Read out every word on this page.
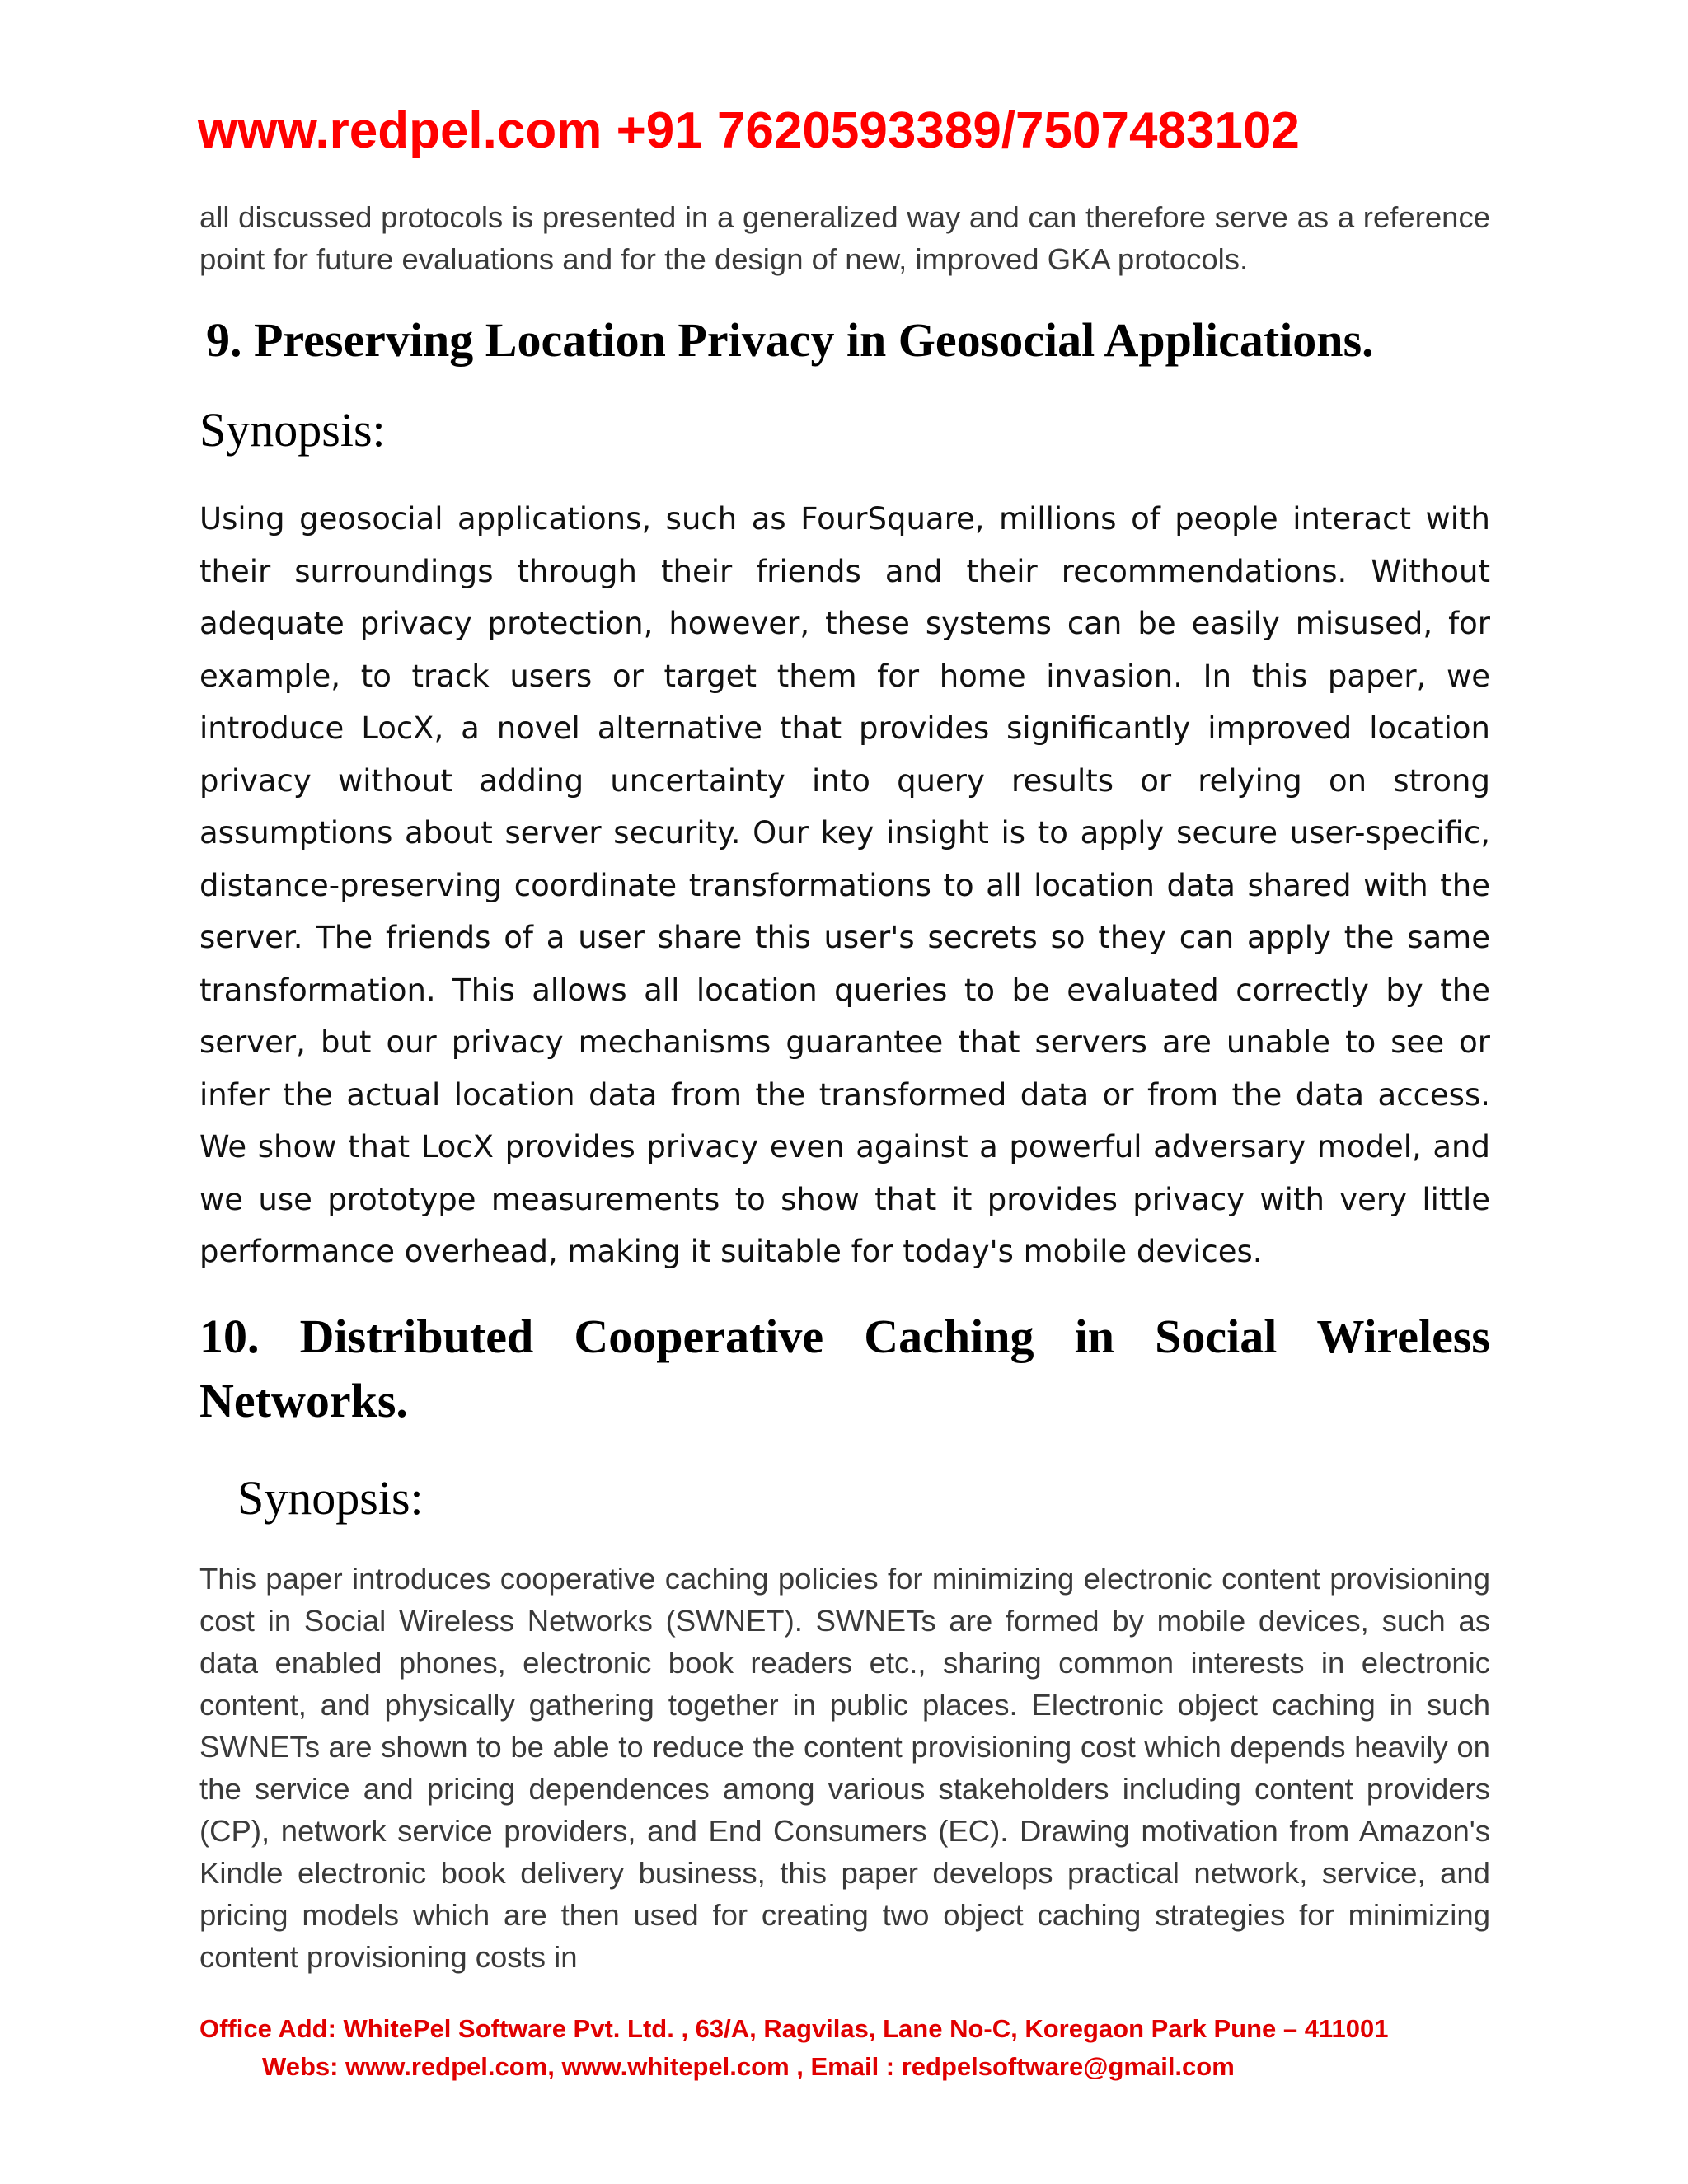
www.redpel.com +91 7620593389/7507483102

all discussed protocols is presented in a generalized way and can therefore serve as a reference point for future evaluations and for the design of new, improved GKA protocols.

9. Preserving Location Privacy in Geosocial Applications.
Synopsis:

Using geosocial applications, such as FourSquare, millions of people interact with their surroundings through their friends and their recommendations. Without adequate privacy protection, however, these systems can be easily misused, for example, to track users or target them for home invasion. In this paper, we introduce LocX, a novel alternative that provides significantly improved location privacy without adding uncertainty into query results or relying on strong assumptions about server security. Our key insight is to apply secure user-specific, distance-preserving coordinate transformations to all location data shared with the server. The friends of a user share this user's secrets so they can apply the same transformation. This allows all location queries to be evaluated correctly by the server, but our privacy mechanisms guarantee that servers are unable to see or infer the actual location data from the transformed data or from the data access. We show that LocX provides privacy even against a powerful adversary model, and we use prototype measurements to show that it provides privacy with very little performance overhead, making it suitable for today's mobile devices.

10. Distributed Cooperative Caching in Social Wireless Networks.
Synopsis:

This paper introduces cooperative caching policies for minimizing electronic content provisioning cost in Social Wireless Networks (SWNET). SWNETs are formed by mobile devices, such as data enabled phones, electronic book readers etc., sharing common interests in electronic content, and physically gathering together in public places. Electronic object caching in such SWNETs are shown to be able to reduce the content provisioning cost which depends heavily on the service and pricing dependences among various stakeholders including content providers (CP), network service providers, and End Consumers (EC). Drawing motivation from Amazon's Kindle electronic book delivery business, this paper develops practical network, service, and pricing models which are then used for creating two object caching strategies for minimizing content provisioning costs in

Office Add: WhitePel Software Pvt. Ltd. , 63/A, Ragvilas, Lane No-C, Koregaon Park Pune – 411001
Webs: www.redpel.com, www.whitepel.com , Email : redpelsoftware@gmail.com
